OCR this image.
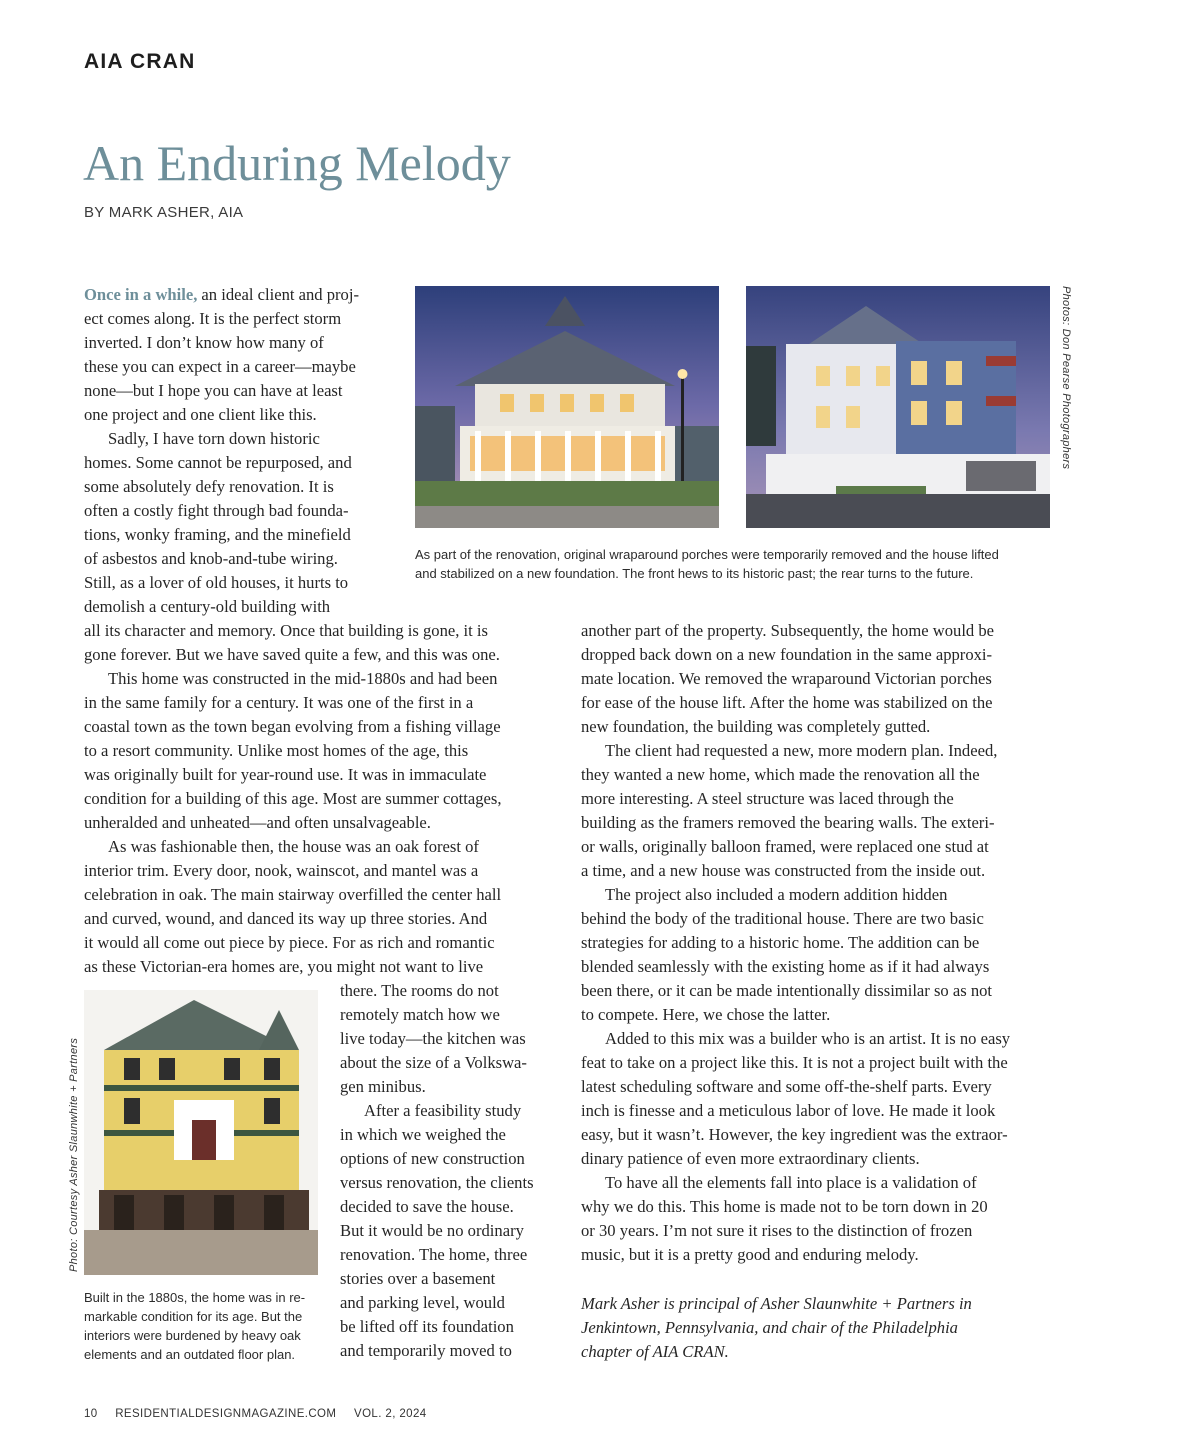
AIA CRAN
An Enduring Melody
BY MARK ASHER, AIA
Photos: Don Pearse Photographers
As part of the renovation, original wraparound porches were temporarily removed and the house lifted
and stabilized on a new foundation. The front hews to its historic past; the rear turns to the future.
Photo: Courtesy Asher Slaunwhite + Partners
Built in the 1880s, the home was in re-
markable condition for its age. But the
interiors were burdened by heavy oak
elements and an outdated floor plan.
Once in a while, an ideal client and proj-
ect comes along. It is the perfect storm
inverted. I don’t know how many of
these you can expect in a career—maybe
none—but I hope you can have at least
one project and one client like this.
Sadly, I have torn down historic
homes. Some cannot be repurposed, and
some absolutely defy renovation. It is
often a costly fight through bad founda-
tions, wonky framing, and the minefield
of asbestos and knob-and-tube wiring.
Still, as a lover of old houses, it hurts to
demolish a century-old building with
all its character and memory. Once that building is gone, it is
gone forever. But we have saved quite a few, and this was one.
This home was constructed in the mid-1880s and had been
in the same family for a century. It was one of the first in a
coastal town as the town began evolving from a fishing village
to a resort community. Unlike most homes of the age, this
was originally built for year-round use. It was in immaculate
condition for a building of this age. Most are summer cottages,
unheralded and unheated—and often unsalvageable.
As was fashionable then, the house was an oak forest of
interior trim. Every door, nook, wainscot, and mantel was a
celebration in oak. The main stairway overfilled the center hall
and curved, wound, and danced its way up three stories. And
it would all come out piece by piece. For as rich and romantic
as these Victorian-era homes are, you might not want to live
there. The rooms do not
remotely match how we
live today—the kitchen was
about the size of a Volkswa-
gen minibus.
After a feasibility study
in which we weighed the
options of new construction
versus renovation, the clients
decided to save the house.
But it would be no ordinary
renovation. The home, three
stories over a basement
and parking level, would
be lifted off its foundation
and temporarily moved to
another part of the property. Subsequently, the home would be
dropped back down on a new foundation in the same approxi-
mate location. We removed the wraparound Victorian porches
for ease of the house lift. After the home was stabilized on the
new foundation, the building was completely gutted.
The client had requested a new, more modern plan. Indeed,
they wanted a new home, which made the renovation all the
more interesting. A steel structure was laced through the
building as the framers removed the bearing walls. The exteri-
or walls, originally balloon framed, were replaced one stud at
a time, and a new house was constructed from the inside out.
The project also included a modern addition hidden
behind the body of the traditional house. There are two basic
strategies for adding to a historic home. The addition can be
blended seamlessly with the existing home as if it had always
been there, or it can be made intentionally dissimilar so as not
to compete. Here, we chose the latter.
Added to this mix was a builder who is an artist. It is no easy
feat to take on a project like this. It is not a project built with the
latest scheduling software and some off-the-shelf parts. Every
inch is finesse and a meticulous labor of love. He made it look
easy, but it wasn’t. However, the key ingredient was the extraor-
dinary patience of even more extraordinary clients.
To have all the elements fall into place is a validation of
why we do this. This home is made not to be torn down in 20
or 30 years. I’m not sure it rises to the distinction of frozen
music, but it is a pretty good and enduring melody.
Mark Asher is principal of Asher Slaunwhite + Partners in
Jenkintown, Pennsylvania, and chair of the Philadelphia
chapter of AIA CRAN.
10 RESIDENTIALDESIGNMAGAZINE.COM VOL. 2, 2024
